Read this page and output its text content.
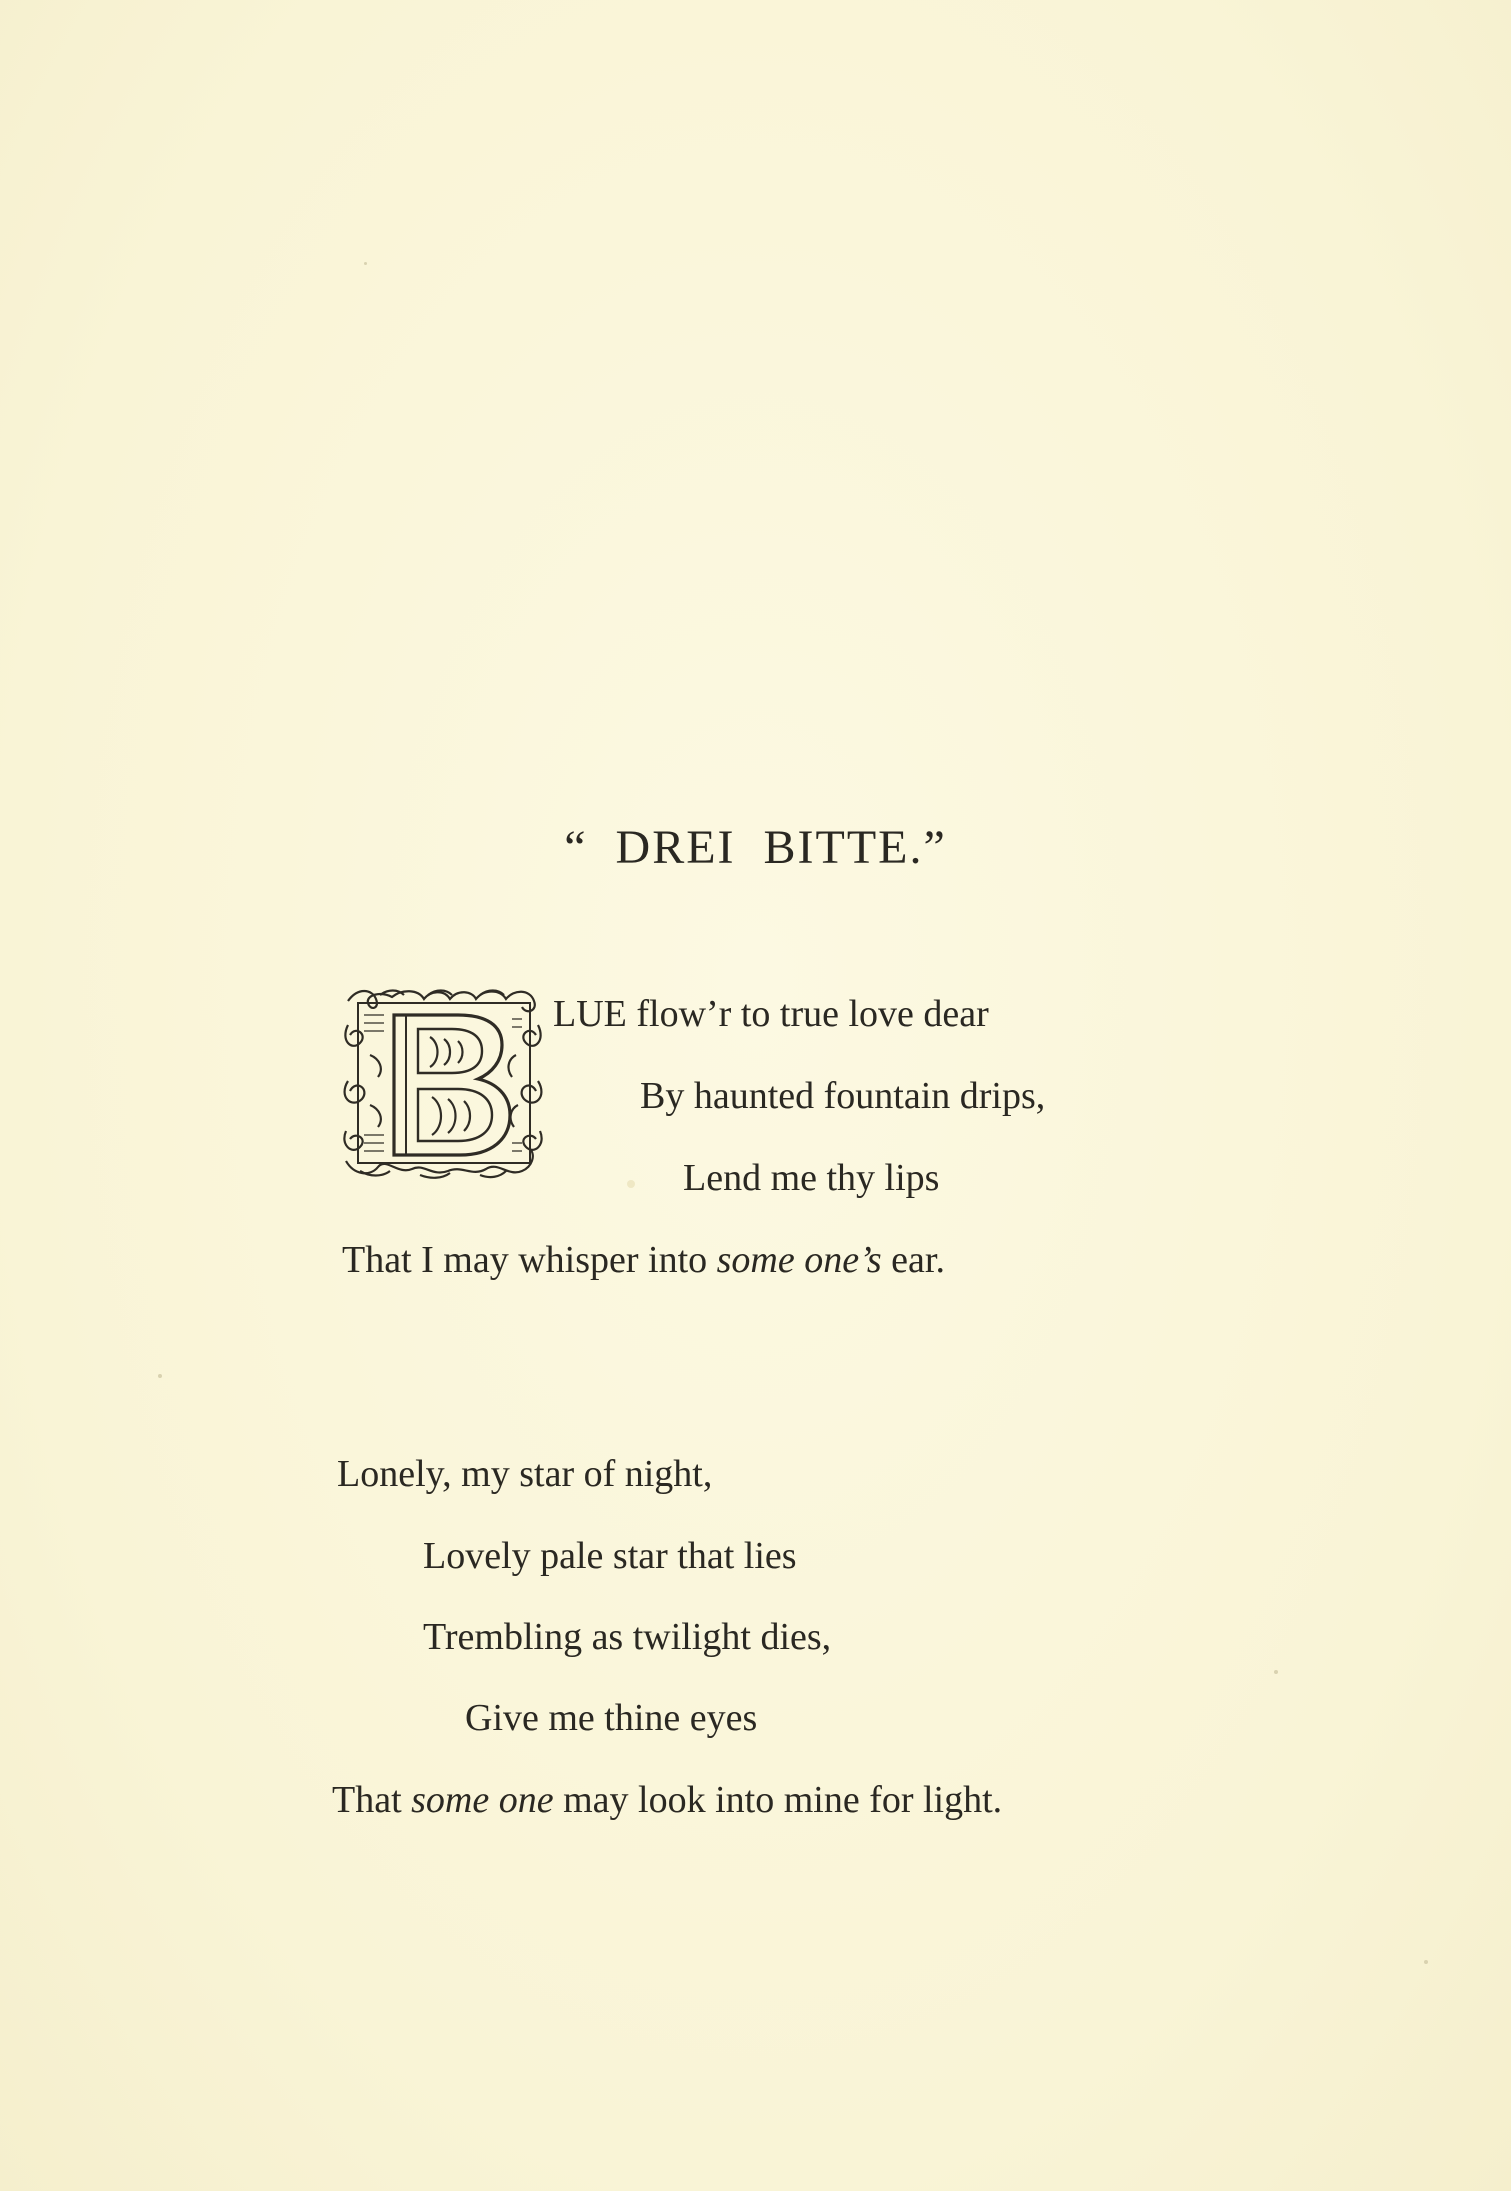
“ DREI BITTE.”
LUE flow’r to true love dear
By haunted fountain drips,
Lend me thy lips
That I may whisper into some one’s ear.
Lonely, my star of night,
Lovely pale star that lies
Trembling as twilight dies,
Give me thine eyes
That some one may look into mine for light.
